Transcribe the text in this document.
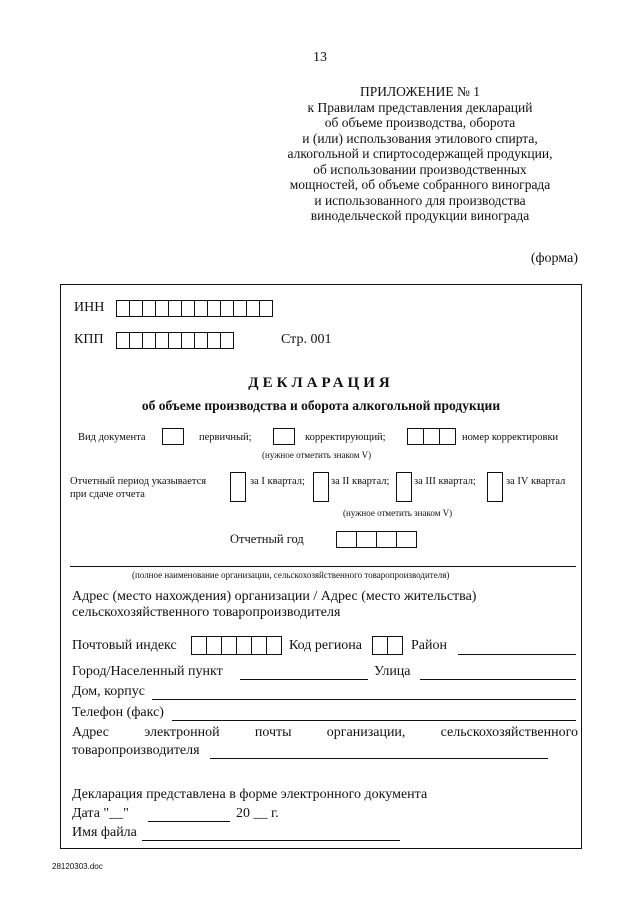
13
ПРИЛОЖЕНИЕ № 1
к Правилам представления деклараций
об объеме производства, оборота
и (или) использования этилового спирта,
алкогольной и спиртосодержащей продукции,
об использовании производственных
мощностей, об объеме собранного винограда
и использованного для производства
винодельческой продукции винограда
(форма)
ИНН
КПП	Стр. 001
ДЕКЛАРАЦИЯ
об объеме производства и оборота алкогольной продукции
Вид документа	первичный;	корректирующий;	номер корректировки
(нужное отметить знаком V)
Отчетный период указывается
при сдаче отчета
за I квартал; за II квартал; за III квартал;	за IV квартал
(нужное отметить знаком V)
Отчетный год
(полное наименование организации, сельскохозяйственного товаропроизводителя)
Адрес (место нахождения) организации / Адрес (место жительства)
сельскохозяйственного товаропроизводителя
Почтовый индекс	Код региона	Район
Город/Населенный пункт	Улица
Дом, корпус
Телефон (факс)
Адрес	электронной	почты	организации,	сельскохозяйственного
товаропроизводителя
Декларация представлена в форме электронного документа
Дата "__"	20 __ г.
Имя файла
28120303.doc
